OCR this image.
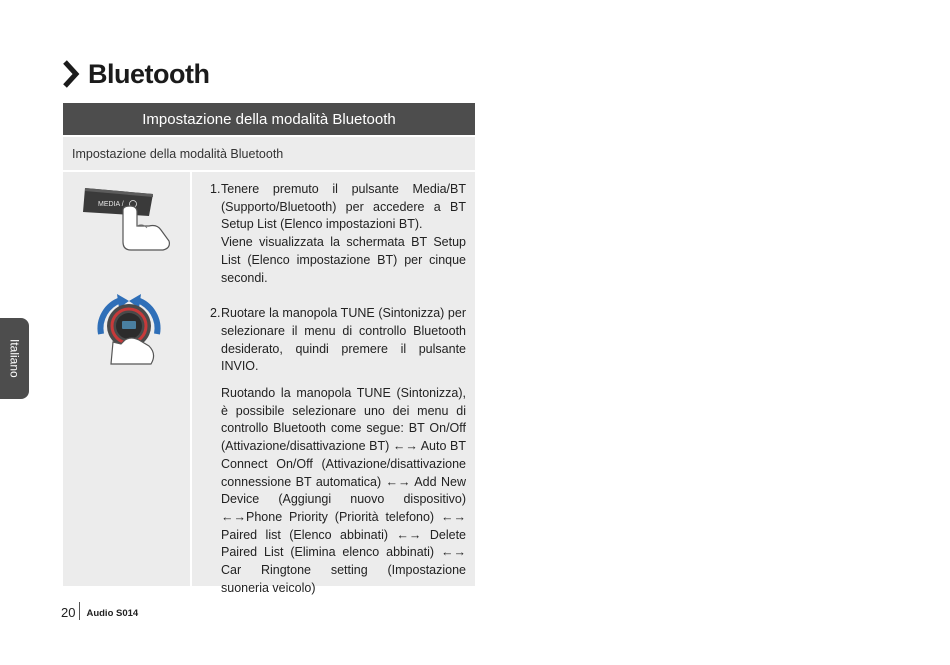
Bluetooth
Impostazione della modalità Bluetooth
Impostazione della modalità Bluetooth
MEDIA /
1. Tenere premuto il pulsante Media/BT (Supporto/Bluetooth) per accedere a BT Setup List (Elenco impostazioni BT).

Viene visualizzata la schermata BT Setup List (Elenco impostazione BT) per cinque secondi.

2. Ruotare la manopola TUNE (Sintonizza) per selezionare il menu di controllo Bluetooth desiderato, quindi premere il pulsante INVIO.

Ruotando la manopola TUNE (Sintonizza), è possibile selezionare uno dei menu di controllo Bluetooth come segue: BT On/Off (Attivazione/disattivazione BT) ←→ Auto BT Connect On/Off (Attivazione/disattivazione connessione BT automatica) ←→ Add New Device (Aggiungi nuovo dispositivo) ←→Phone Priority (Priorità telefono) ←→ Paired list (Elenco abbinati) ←→ Delete Paired List (Elimina elenco abbinati) ←→ Car Ringtone setting (Impostazione suoneria veicolo)

Italiano
20	Audio S014
